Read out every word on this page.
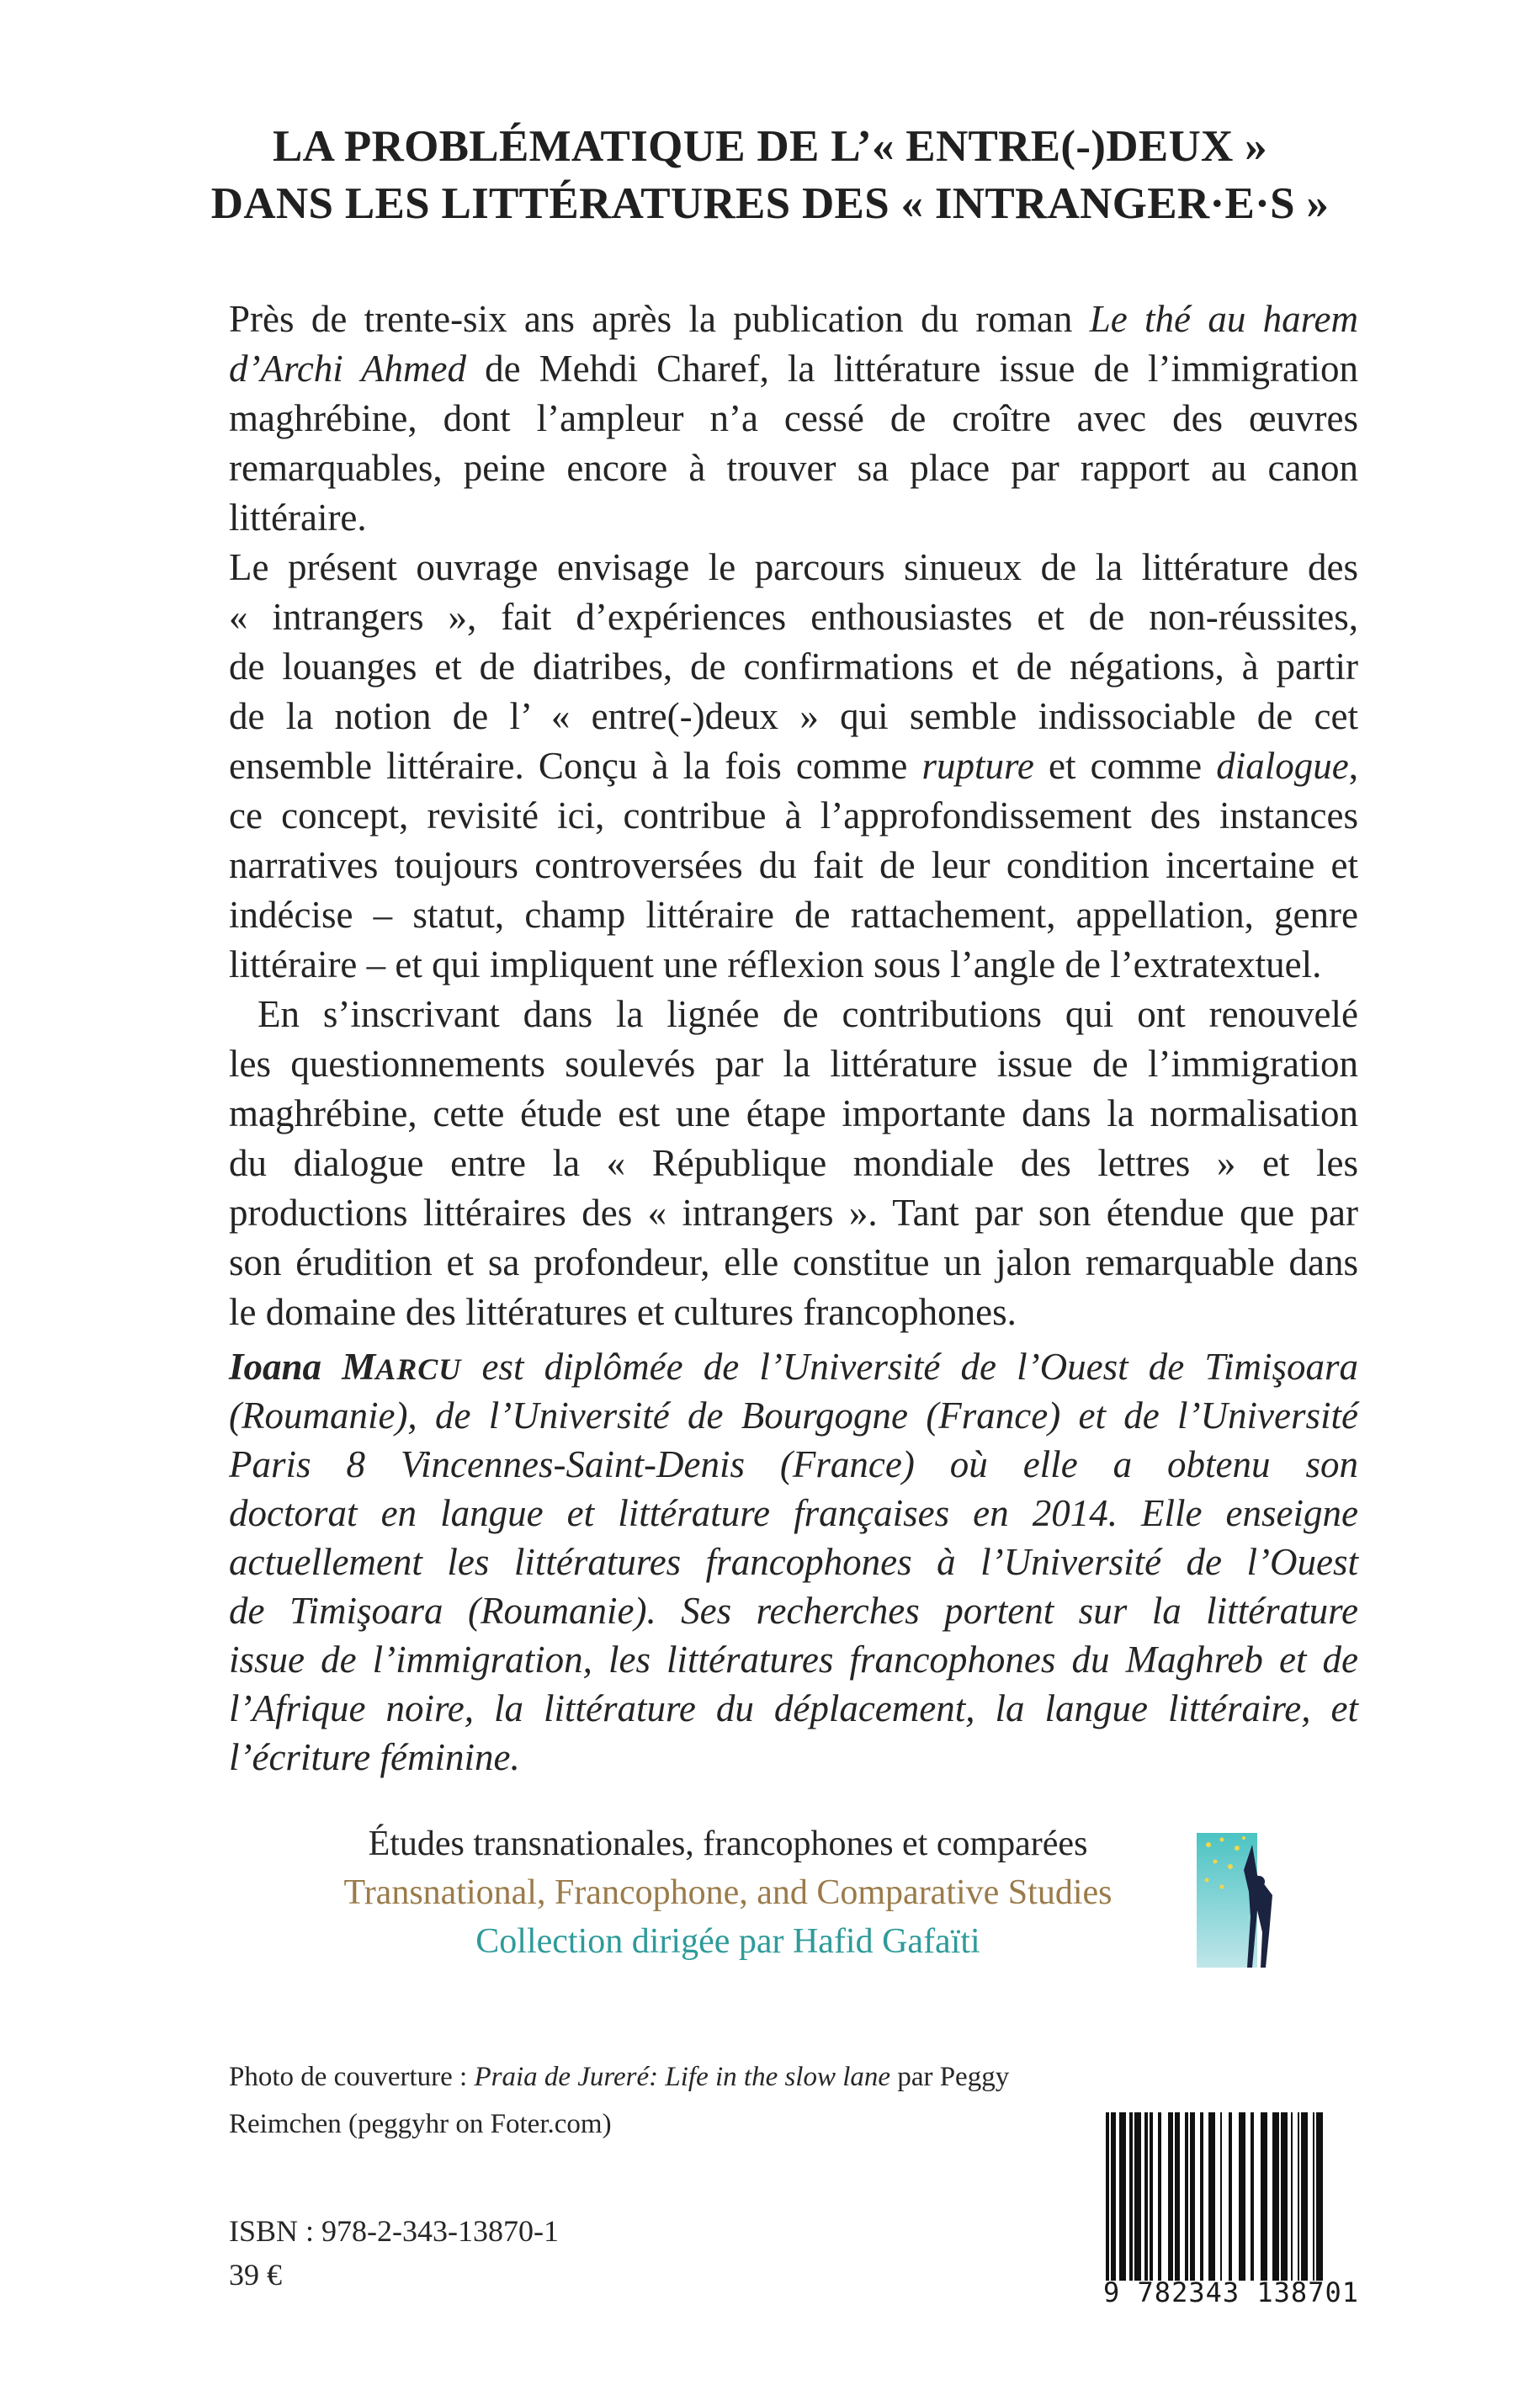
LA PROBLÉMATIQUE DE L’« ENTRE(-)DEUX »
DANS LES LITTÉRATURES DES « INTRANGER·E·S »
Près de trente-six ans après la publication du roman Le thé au harem
d’Archi Ahmed de Mehdi Charef, la littérature issue de l’immigration
maghrébine, dont l’ampleur n’a cessé de croître avec des œuvres
remarquables, peine encore à trouver sa place par rapport au canon
littéraire.
Le présent ouvrage envisage le parcours sinueux de la littérature des
« intrangers », fait d’expériences enthousiastes et de non-réussites,
de louanges et de diatribes, de confirmations et de négations, à partir
de la notion de l’ « entre(-)deux » qui semble indissociable de cet
ensemble littéraire. Conçu à la fois comme rupture et comme dialogue,
ce concept, revisité ici, contribue à l’approfondissement des instances
narratives toujours controversées du fait de leur condition incertaine et
indécise – statut, champ littéraire de rattachement, appellation, genre
littéraire – et qui impliquent une réflexion sous l’angle de l’extratextuel.
En s’inscrivant dans la lignée de contributions qui ont renouvelé
les questionnements soulevés par la littérature issue de l’immigration
maghrébine, cette étude est une étape importante dans la normalisation
du dialogue entre la « République mondiale des lettres » et les
productions littéraires des « intrangers ». Tant par son étendue que par
son érudition et sa profondeur, elle constitue un jalon remarquable dans
le domaine des littératures et cultures francophones.
Ioana MARCU est diplômée de l’Université de l’Ouest de Timişoara
(Roumanie), de l’Université de Bourgogne (France) et de l’Université
Paris 8 Vincennes-Saint-Denis (France) où elle a obtenu son
doctorat en langue et littérature françaises en 2014. Elle enseigne
actuellement les littératures francophones à l’Université de l’Ouest
de Timişoara (Roumanie). Ses recherches portent sur la littérature
issue de l’immigration, les littératures francophones du Maghreb et de
l’Afrique noire, la littérature du déplacement, la langue littéraire, et
l’écriture féminine.
Études transnationales, francophones et comparées
Transnational, Francophone, and Comparative Studies
Collection dirigée par Hafid Gafaïti
Photo de couverture : Praia de Jureré: Life in the slow lane par Peggy
Reimchen (peggyhr on Foter.com)
ISBN : 978-2-343-13870-1
39 €
9 782343 138701
